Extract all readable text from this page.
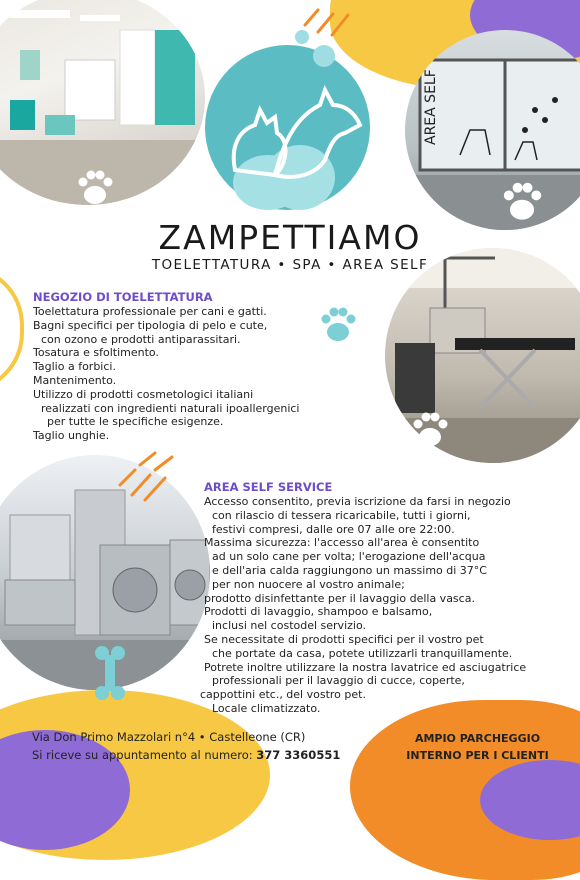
AREA SELF
ZAMPETTIAMO
TOELETTATURA • SPA • AREA SELF
NEGOZIO DI TOELETTATURA
Toelettatura professionale per cani e gatti.
Bagni specifici per tipologia di pelo e cute,
con ozono e prodotti antiparassitari.
Tosatura e sfoltimento.
Taglio a forbici.
Mantenimento.
Utilizzo di prodotti cosmetologici italiani
realizzati con ingredienti naturali ipoallergenici
per tutte le specifiche esigenze.
Taglio unghie.
AREA SELF SERVICE
Accesso consentito, previa iscrizione da farsi in negozio
con rilascio di tessera ricaricabile, tutti i giorni,
festivi compresi, dalle ore 07 alle ore 22:00.
Massima sicurezza: l'accesso all'area è consentito
ad un solo cane per volta; l'erogazione dell'acqua
e dell'aria calda raggiungono un massimo di 37°C
per non nuocere al vostro animale;
prodotto disinfettante per il lavaggio della vasca.
Prodotti di lavaggio, shampoo e balsamo,
inclusi nel costodel servizio.
Se necessitate di prodotti specifici per il vostro pet
che portate da casa, potete utilizzarli tranquillamente.
Potrete inoltre utilizzare la nostra lavatrice ed asciugatrice
professionali per il lavaggio di cucce, coperte,
cappottini etc., del vostro pet.
Locale climatizzato.
Via Don Primo Mazzolari n°4 • Castelleone (CR)
Si riceve su appuntamento al numero: 377 3360551
AMPIO PARCHEGGIO
INTERNO PER I CLIENTI
